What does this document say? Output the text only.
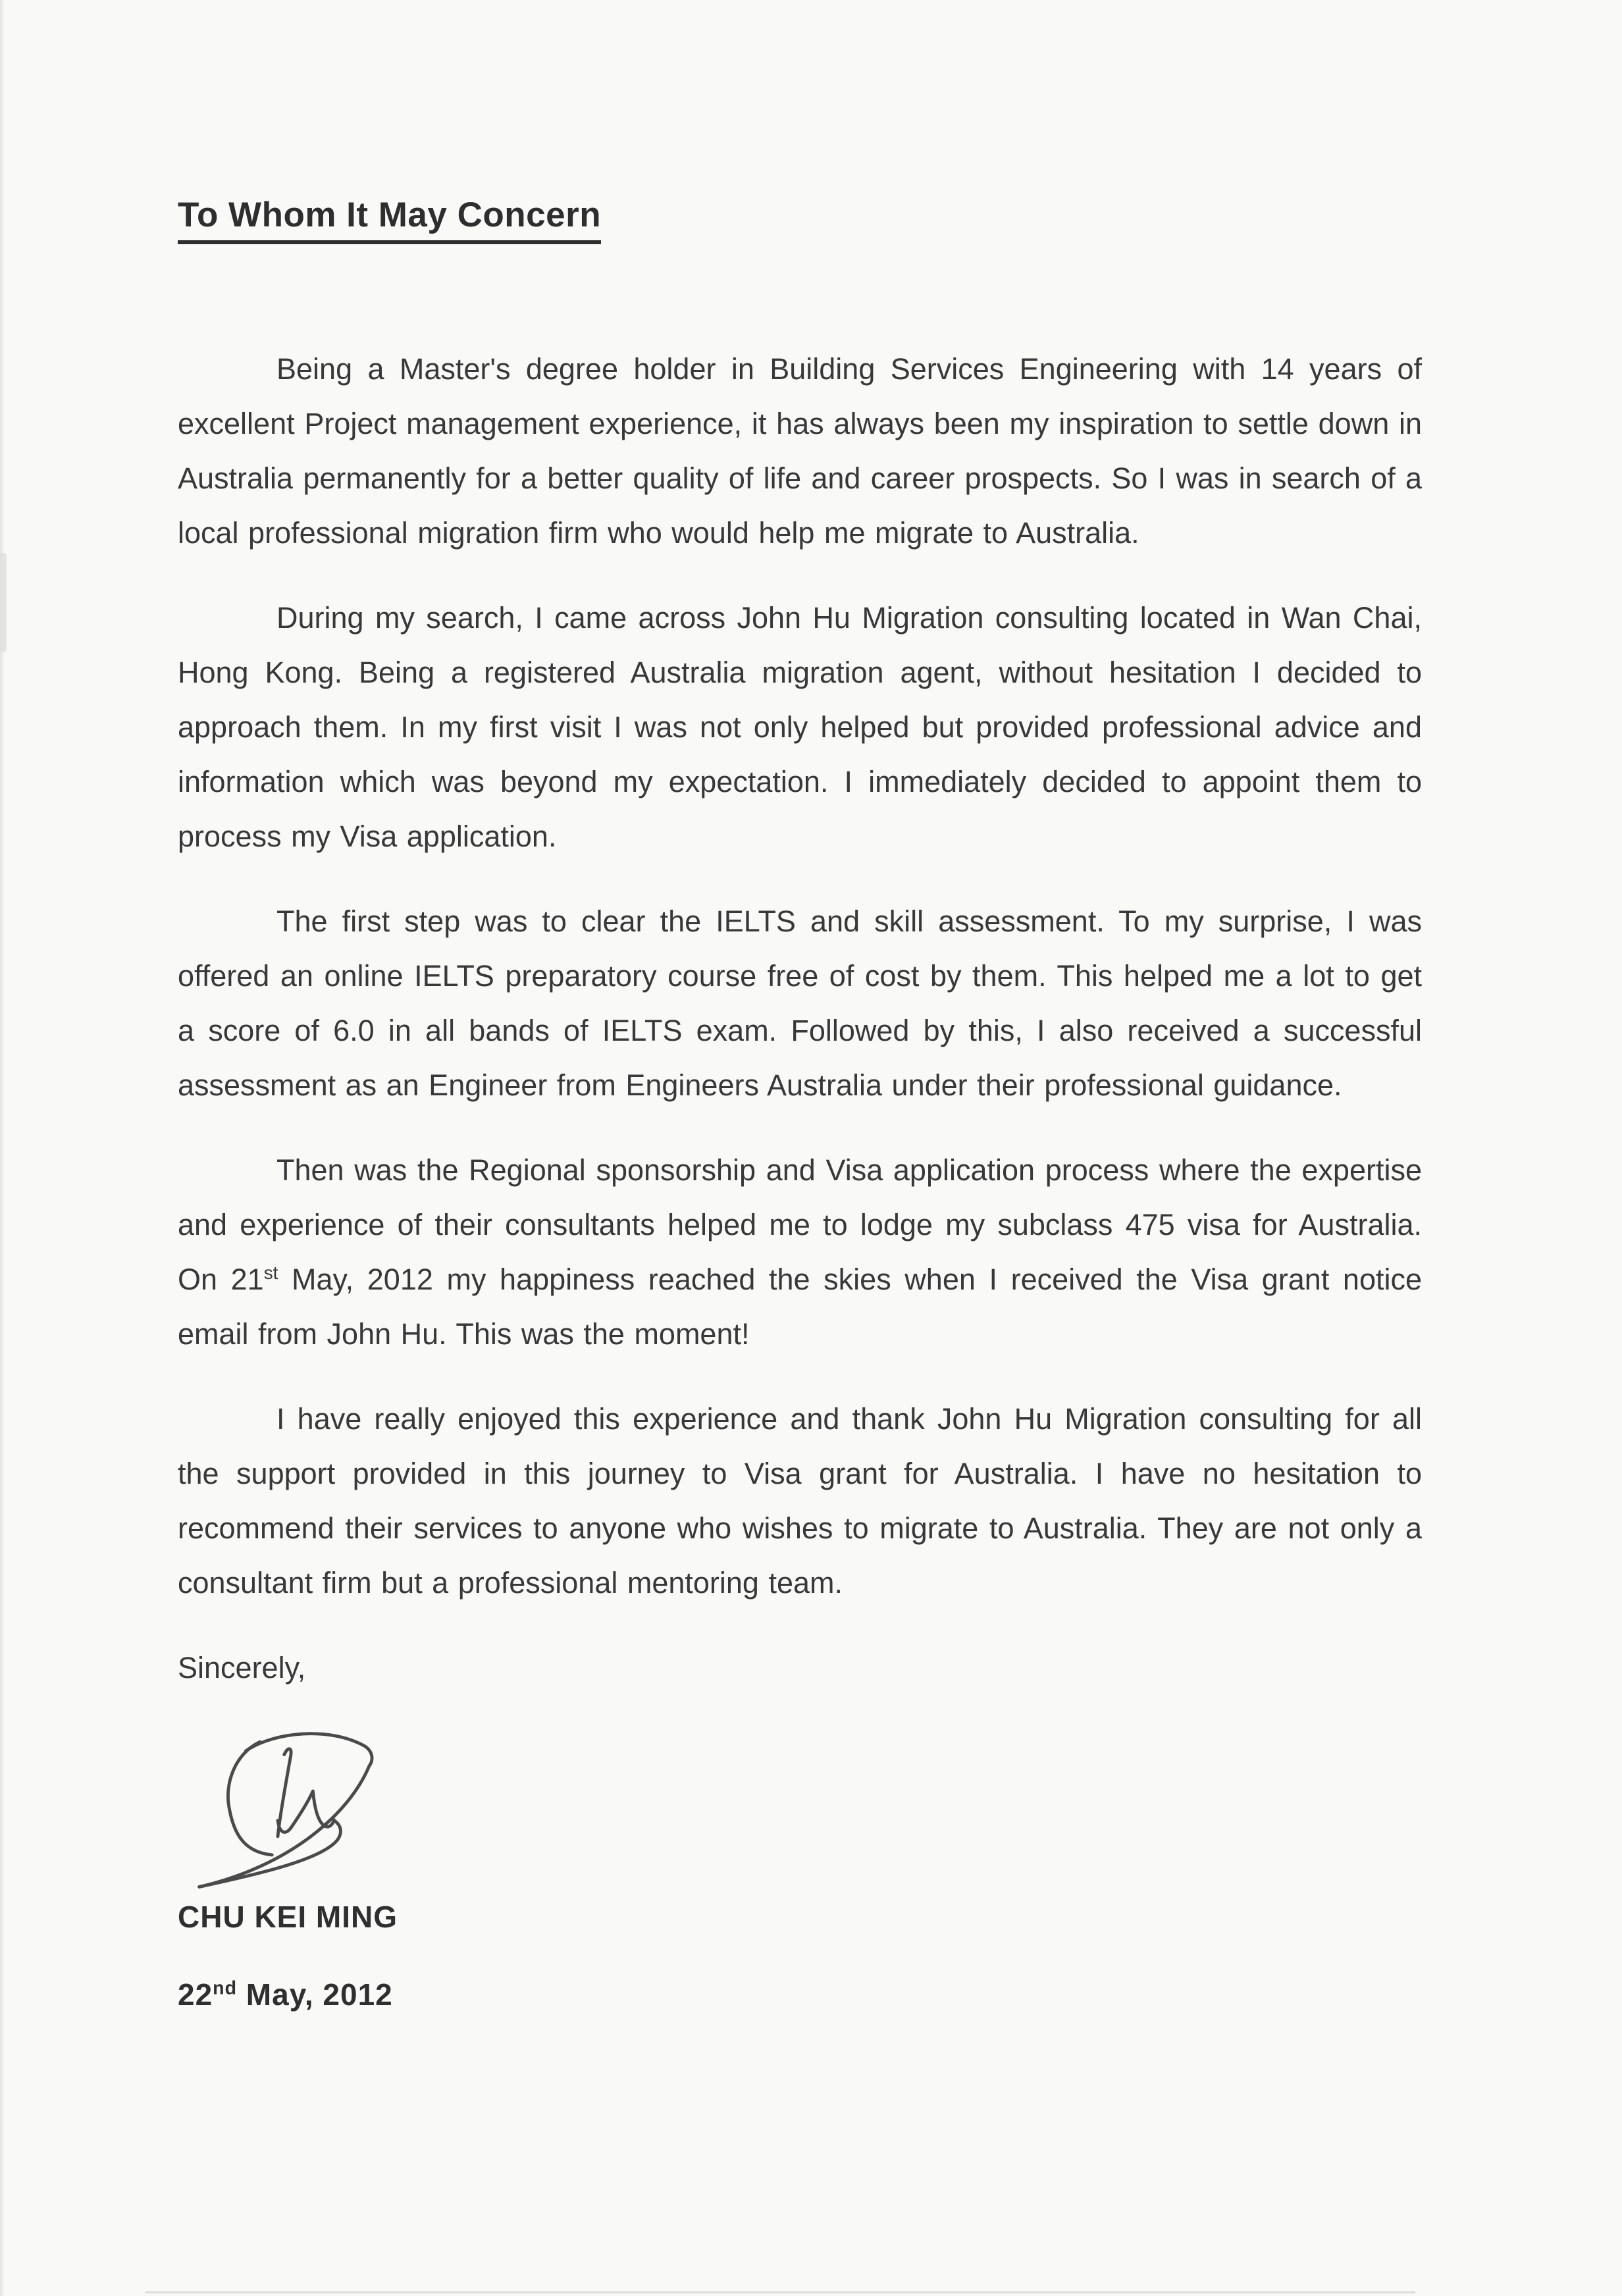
To Whom It May Concern

Being a Master's degree holder in Building Services Engineering with 14 years of excellent Project management experience, it has always been my inspiration to settle down in Australia permanently for a better quality of life and career prospects. So I was in search of a local professional migration firm who would help me migrate to Australia.

During my search, I came across John Hu Migration consulting located in Wan Chai, Hong Kong. Being a registered Australia migration agent, without hesitation I decided to approach them. In my first visit I was not only helped but provided professional advice and information which was beyond my expectation. I immediately decided to appoint them to process my Visa application.

The first step was to clear the IELTS and skill assessment. To my surprise, I was offered an online IELTS preparatory course free of cost by them. This helped me a lot to get a score of 6.0 in all bands of IELTS exam. Followed by this, I also received a successful assessment as an Engineer from Engineers Australia under their professional guidance.

Then was the Regional sponsorship and Visa application process where the expertise and experience of their consultants helped me to lodge my subclass 475 visa for Australia. On 21st May, 2012 my happiness reached the skies when I received the Visa grant notice email from John Hu. This was the moment!

I have really enjoyed this experience and thank John Hu Migration consulting for all the support provided in this journey to Visa grant for Australia. I have no hesitation to recommend their services to anyone who wishes to migrate to Australia. They are not only a consultant firm but a professional mentoring team.

Sincerely,

CHU KEI MING

22nd May, 2012
